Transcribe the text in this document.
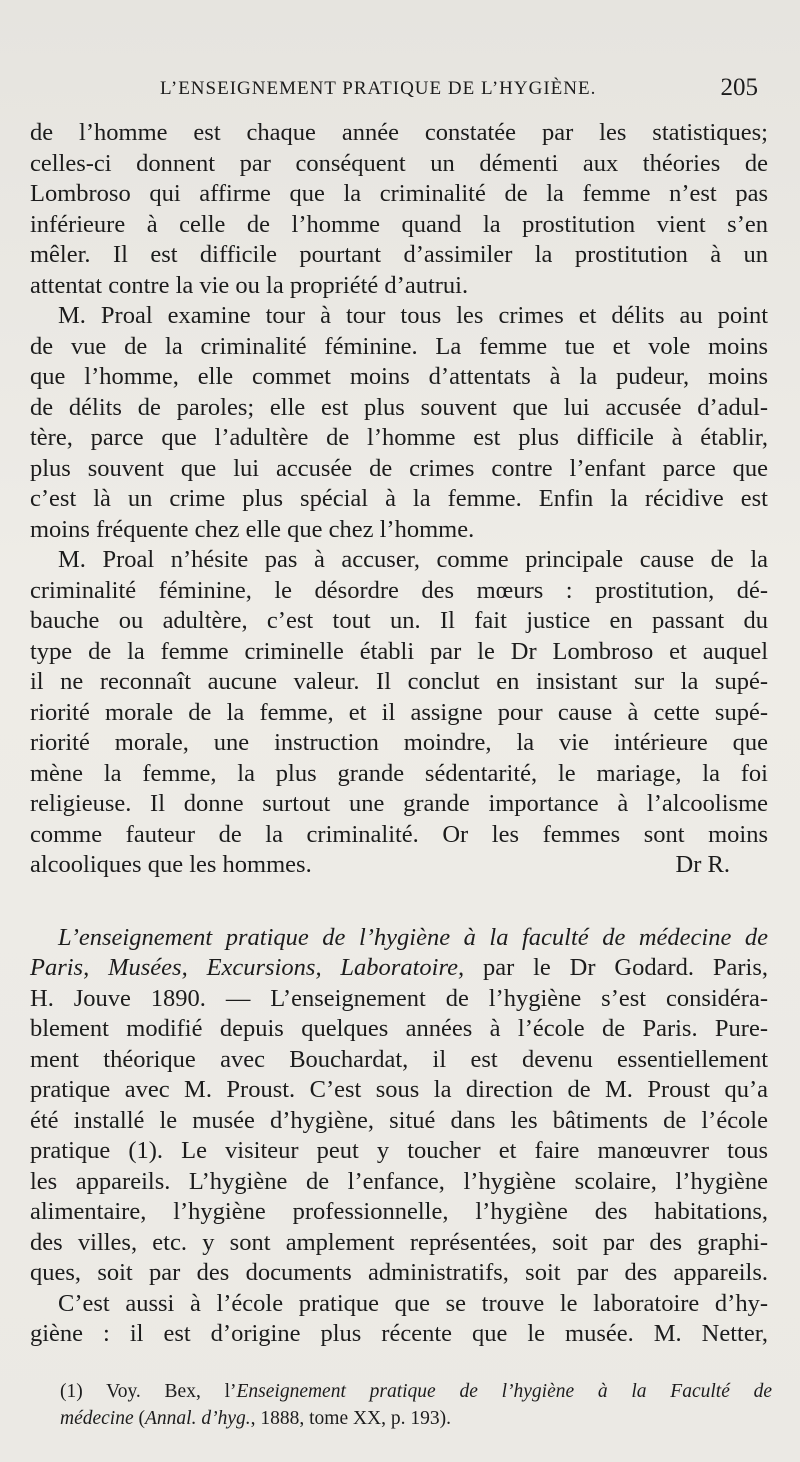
L’ENSEIGNEMENT PRATIQUE DE L’HYGIÈNE.	205
de l’homme est chaque année constatée par les statistiques;
celles-ci donnent par conséquent un démenti aux théories de
Lombroso qui affirme que la criminalité de la femme n’est pas
inférieure à celle de l’homme quand la prostitution vient s’en
mêler. Il est difficile pourtant d’assimiler la prostitution à un
attentat contre la vie ou la propriété d’autrui.
M. Proal examine tour à tour tous les crimes et délits au point
de vue de la criminalité féminine. La femme tue et vole moins
que l’homme, elle commet moins d’attentats à la pudeur, moins
de délits de paroles; elle est plus souvent que lui accusée d’adul-
tère, parce que l’adultère de l’homme est plus difficile à établir,
plus souvent que lui accusée de crimes contre l’enfant parce que
c’est là un crime plus spécial à la femme. Enfin la récidive est
moins fréquente chez elle que chez l’homme.
M. Proal n’hésite pas à accuser, comme principale cause de la
criminalité féminine, le désordre des mœurs : prostitution, dé-
bauche ou adultère, c’est tout un. Il fait justice en passant du
type de la femme criminelle établi par le Dr Lombroso et auquel
il ne reconnaît aucune valeur. Il conclut en insistant sur la supé-
riorité morale de la femme, et il assigne pour cause à cette supé-
riorité morale, une instruction moindre, la vie intérieure que
mène la femme, la plus grande sédentarité, le mariage, la foi
religieuse. Il donne surtout une grande importance à l’alcoolisme
comme fauteur de la criminalité. Or les femmes sont moins
alcooliques que les hommes.	Dr R.
L’enseignement pratique de l’hygiène à la faculté de médecine de
Paris, Musées, Excursions, Laboratoire, par le Dr Godard. Paris,
H. Jouve 1890. — L’enseignement de l’hygiène s’est considéra-
blement modifié depuis quelques années à l’école de Paris. Pure-
ment théorique avec Bouchardat, il est devenu essentiellement
pratique avec M. Proust. C’est sous la direction de M. Proust qu’a
été installé le musée d’hygiène, situé dans les bâtiments de l’école
pratique (1). Le visiteur peut y toucher et faire manœuvrer tous
les appareils. L’hygiène de l’enfance, l’hygiène scolaire, l’hygiène
alimentaire, l’hygiène professionnelle, l’hygiène des habitations,
des villes, etc. y sont amplement représentées, soit par des graphi-
ques, soit par des documents administratifs, soit par des appareils.
C’est aussi à l’école pratique que se trouve le laboratoire d’hy-
giène : il est d’origine plus récente que le musée. M. Netter,
(1) Voy. Bex, l’Enseignement pratique de l’hygiène à la Faculté de
médecine (Annal. d’hyg., 1888, tome XX, p. 193).
